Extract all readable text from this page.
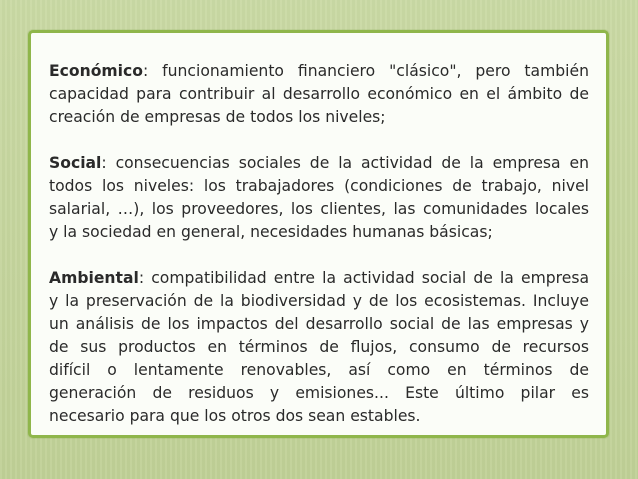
Económico: funcionamiento financiero "clásico", pero también
capacidad para contribuir al desarrollo económico en el ámbito de
creación de empresas de todos los niveles;
Social: consecuencias sociales de la actividad de la empresa en
todos los niveles: los trabajadores (condiciones de trabajo, nivel
salarial, …), los proveedores, los clientes, las comunidades locales
y la sociedad en general, necesidades humanas básicas;
Ambiental: compatibilidad entre la actividad social de la empresa
y la preservación de la biodiversidad y de los ecosistemas. Incluye
un análisis de los impactos del desarrollo social de las empresas y
de sus productos en términos de flujos, consumo de recursos
difícil o lentamente renovables, así como en términos de
generación de residuos y emisiones... Este último pilar es
necesario para que los otros dos sean estables.
